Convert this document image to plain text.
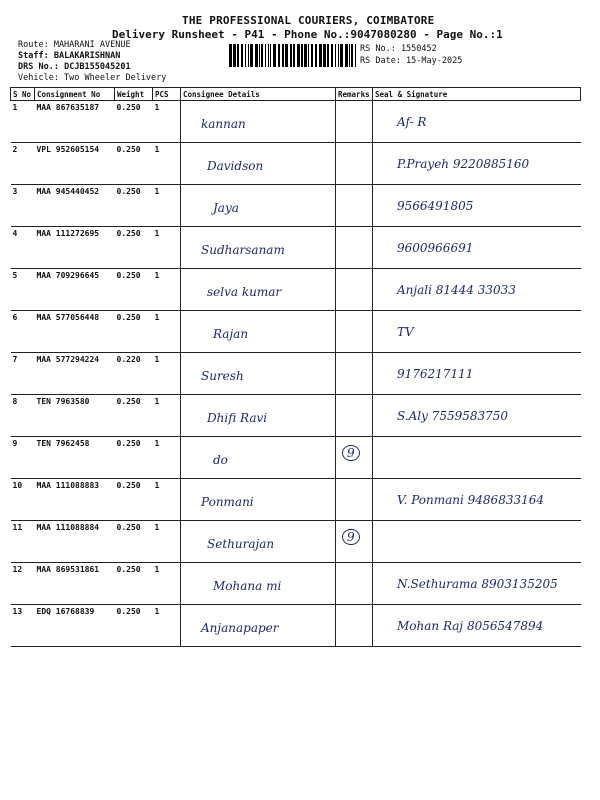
THE PROFESSIONAL COURIERS, COIMBATORE
Delivery Runsheet - P41 - Phone No.:9047080280 - Page No.:1
Route: MAHARANI AVENUE
Staff: BALAKARISHNAN
DRS No.: DCJB155045201
Vehicle: Two Wheeler Delivery
RS No.: 1550452
RS Date: 15-May-2025
S No	Consignment No	Weight	PCS	Consignee Details	Remarks	Seal & Signature
1	MAA 867635187	0.250	1	kannan		Af- R
2	VPL 952605154	0.250	1	Davidson		P.Prayeh 9220885160
3	MAA 945440452	0.250	1	Jaya		9566491805
4	MAA 111272695	0.250	1	Sudharsanam		9600966691
5	MAA 709296645	0.250	1	selva kumar		Anjali 81444 33033
6	MAA 577056448	0.250	1	Rajan		TV
7	MAA 577294224	0.220	1	Suresh		9176217111
8	TEN 7963580	0.250	1	Dhifi Ravi		S.Aly 7559583750
9	TEN 7962458	0.250	1	do	9	
10	MAA 111088883	0.250	1	Ponmani		V. Ponmani 9486833164
11	MAA 111088884	0.250	1	Sethurajan	9	
12	MAA 869531861	0.250	1	Mohana mi		N.Sethurama 8903135205
13	EDQ 16768839	0.250	1	Anjanapaper		Mohan Raj 8056547894
